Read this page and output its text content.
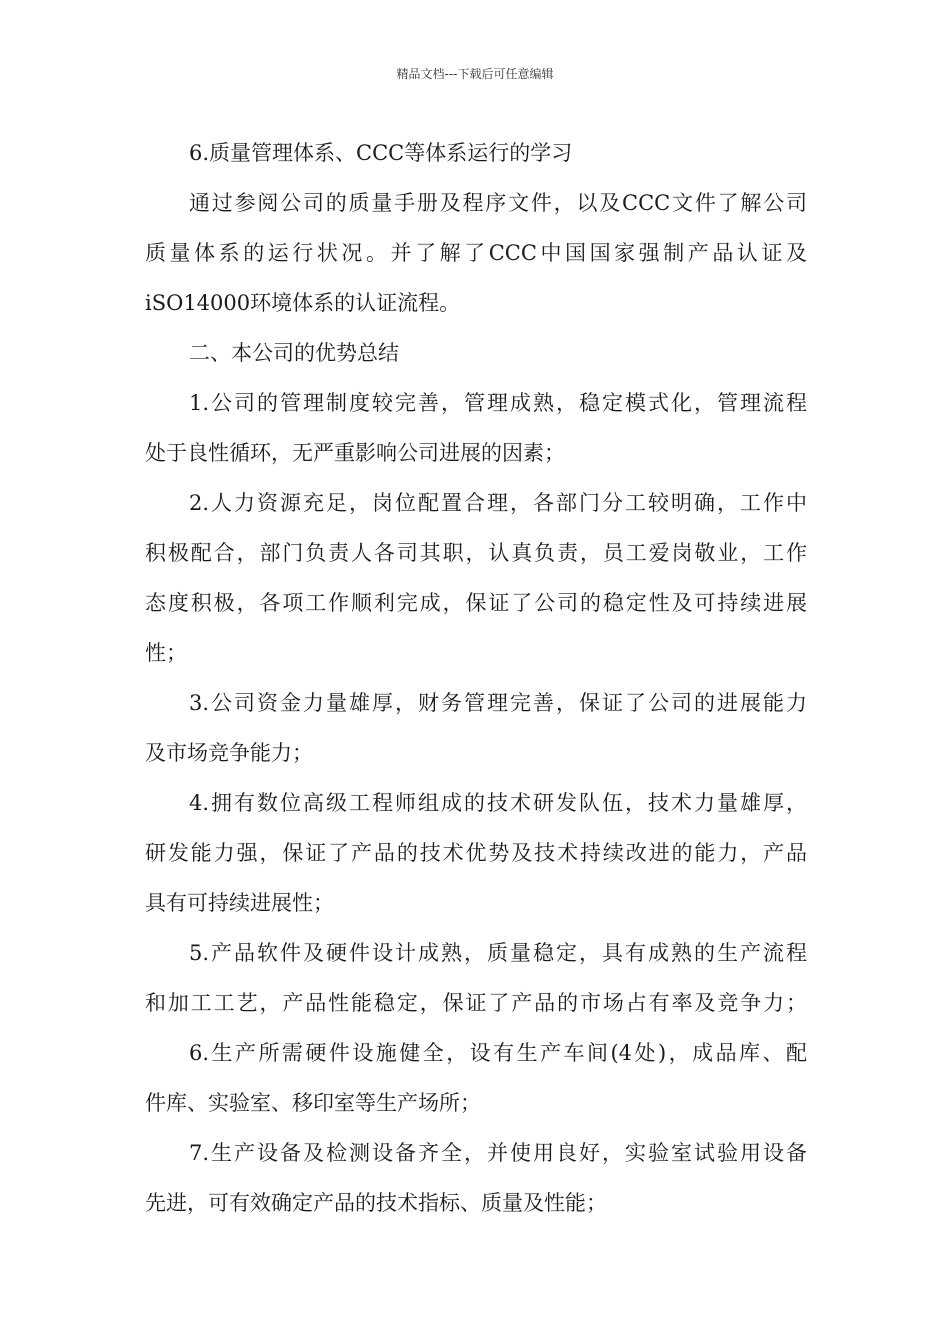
精品文档---下载后可任意编辑
6.质量管理体系、CCC等体系运行的学习
通过参阅公司的质量手册及程序文件，以及CCC文件了解公司
质量体系的运行状况。并了解了CCC中国国家强制产品认证及
iSO14000环境体系的认证流程。
二、本公司的优势总结
1.公司的管理制度较完善，管理成熟，稳定模式化，管理流程
处于良性循环，无严重影响公司进展的因素；
2.人力资源充足，岗位配置合理，各部门分工较明确，工作中
积极配合，部门负责人各司其职，认真负责，员工爱岗敬业，工作
态度积极，各项工作顺利完成，保证了公司的稳定性及可持续进展
性；
3.公司资金力量雄厚，财务管理完善，保证了公司的进展能力
及市场竞争能力；
4.拥有数位高级工程师组成的技术研发队伍，技术力量雄厚，
研发能力强，保证了产品的技术优势及技术持续改进的能力，产品
具有可持续进展性；
5.产品软件及硬件设计成熟，质量稳定，具有成熟的生产流程
和加工工艺，产品性能稳定，保证了产品的市场占有率及竞争力；
6.生产所需硬件设施健全，设有生产车间(4处)，成品库、配
件库、实验室、移印室等生产场所；
7.生产设备及检测设备齐全，并使用良好，实验室试验用设备
先进，可有效确定产品的技术指标、质量及性能；
